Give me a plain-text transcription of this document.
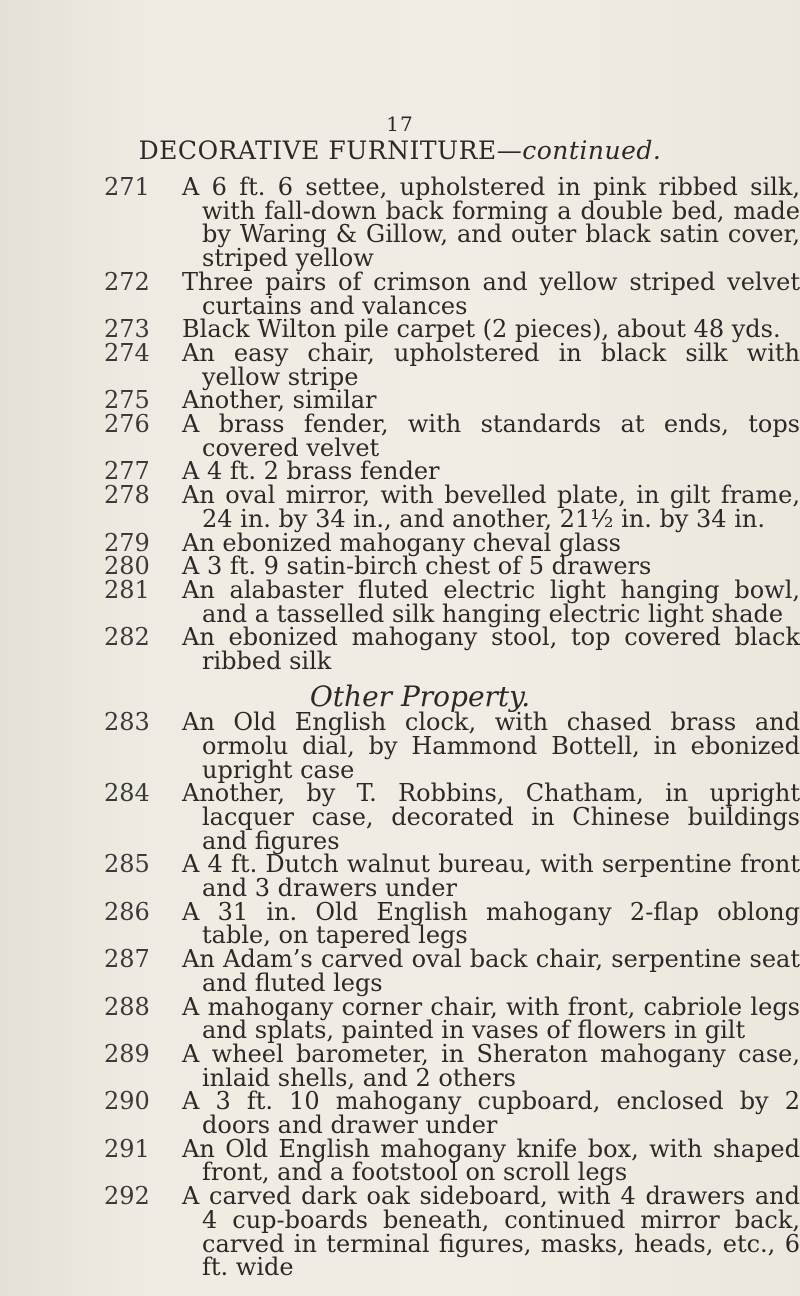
17
DECORATIVE FURNITURE—continued.
271 A 6 ft. 6 settee, upholstered in pink ribbed silk, with fall-down back forming a double bed, made by Waring & Gillow, and outer black satin cover, striped yellow
272 Three pairs of crimson and yellow striped velvet curtains and valances
273 Black Wilton pile carpet (2 pieces), about 48 yds.
274 An easy chair, upholstered in black silk with yellow stripe
275 Another, similar
276 A brass fender, with standards at ends, tops covered velvet
277 A 4 ft. 2 brass fender
278 An oval mirror, with bevelled plate, in gilt frame, 24 in. by 34 in., and another, 21½ in. by 34 in.
279 An ebonized mahogany cheval glass
280 A 3 ft. 9 satin-birch chest of 5 drawers
281 An alabaster fluted electric light hanging bowl, and a tasselled silk hanging electric light shade
282 An ebonized mahogany stool, top covered black ribbed silk
Other Property.
283 An Old English clock, with chased brass and ormolu dial, by Hammond Bottell, in ebonized upright case
284 Another, by T. Robbins, Chatham, in upright lacquer case, decorated in Chinese buildings and figures
285 A 4 ft. Dutch walnut bureau, with serpentine front and 3 drawers under
286 A 31 in. Old English mahogany 2-flap oblong table, on tapered legs
287 An Adam’s carved oval back chair, serpentine seat and fluted legs
288 A mahogany corner chair, with front, cabriole legs and splats, painted in vases of flowers in gilt
289 A wheel barometer, in Sheraton mahogany case, inlaid shells, and 2 others
290 A 3 ft. 10 mahogany cupboard, enclosed by 2 doors and drawer under
291 An Old English mahogany knife box, with shaped front, and a footstool on scroll legs
292 A carved dark oak sideboard, with 4 drawers and 4 cup-boards beneath, continued mirror back, carved in terminal figures, masks, heads, etc., 6 ft. wide
